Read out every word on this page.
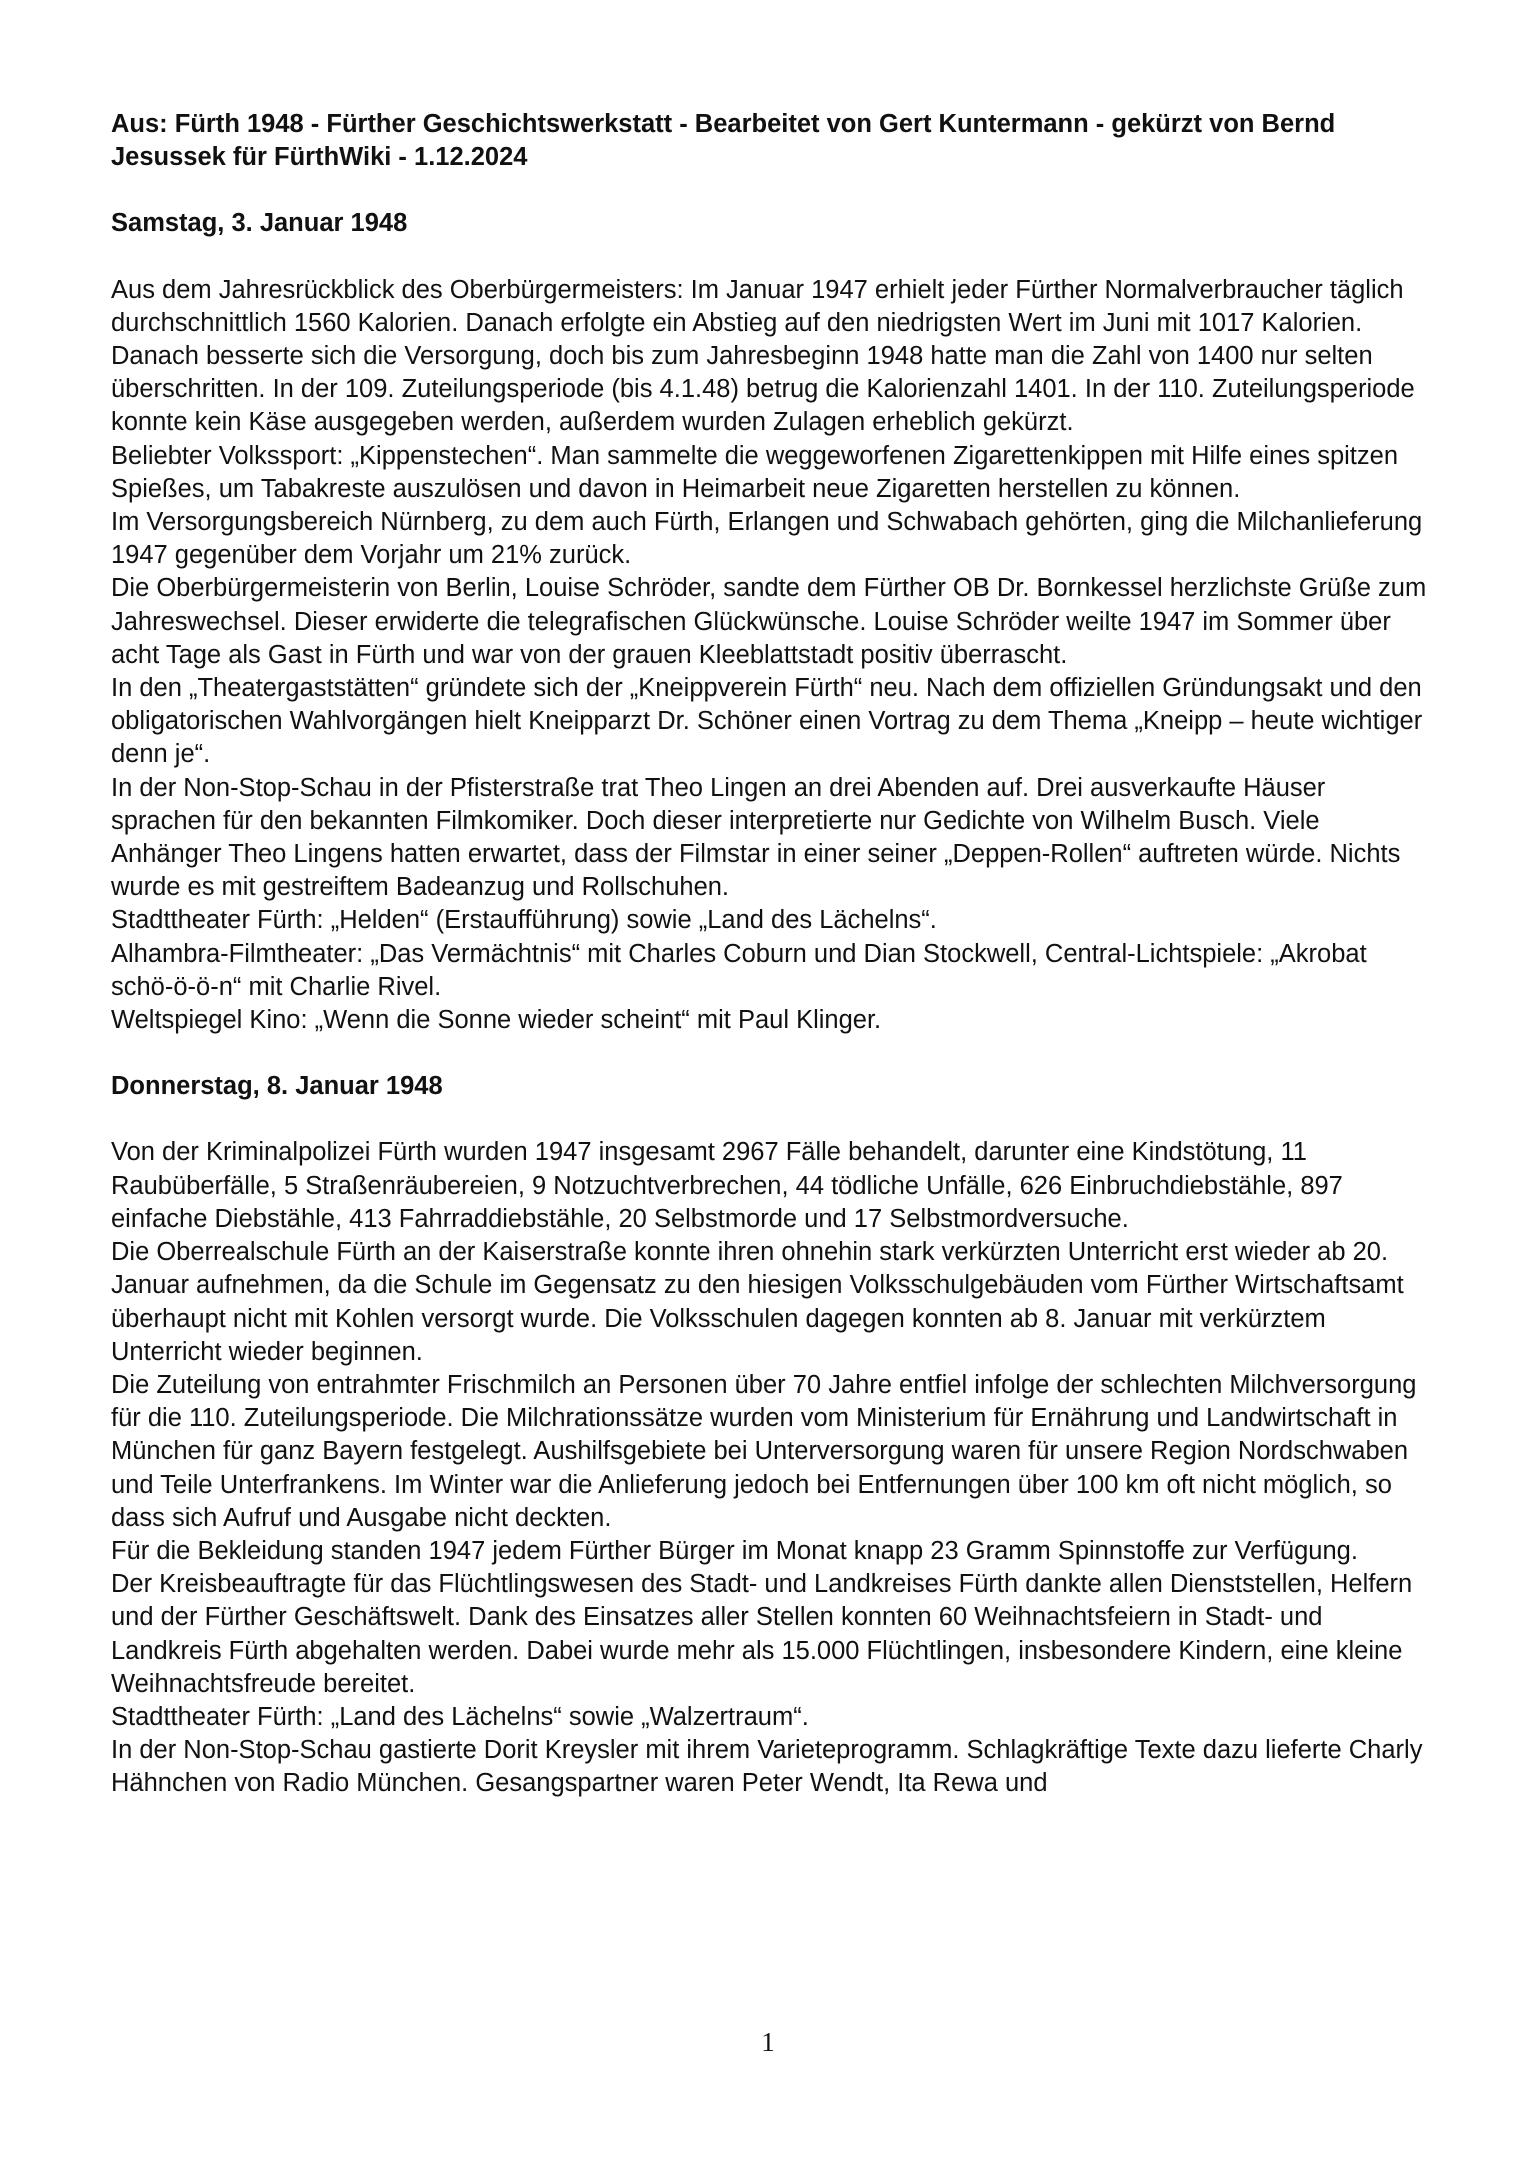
Aus: Fürth 1948 - Fürther Geschichtswerkstatt - Bearbeitet von Gert Kuntermann - gekürzt von Bernd Jesussek für FürthWiki - 1.12.2024

Samstag, 3. Januar 1948

Aus dem Jahresrückblick des Oberbürgermeisters: Im Januar 1947 erhielt jeder Fürther Normalverbraucher täglich durchschnittlich 1560 Kalorien. Danach erfolgte ein Abstieg auf den niedrigsten Wert im Juni mit 1017 Kalorien. Danach besserte sich die Versorgung, doch bis zum Jahresbeginn 1948 hatte man die Zahl von 1400 nur selten überschritten. In der 109. Zuteilungsperiode (bis 4.1.48) betrug die Kalorienzahl 1401. In der 110. Zuteilungsperiode konnte kein Käse ausgegeben werden, außerdem wurden Zulagen erheblich gekürzt.

Beliebter Volkssport: „Kippenstechen“. Man sammelte die weggeworfenen Zigarettenkippen mit Hilfe eines spitzen Spießes, um Tabakreste auszulösen und davon in Heimarbeit neue Zigaretten herstellen zu können.

Im Versorgungsbereich Nürnberg, zu dem auch Fürth, Erlangen und Schwabach gehörten, ging die Milchanlieferung 1947 gegenüber dem Vorjahr um 21% zurück.

Die Oberbürgermeisterin von Berlin, Louise Schröder, sandte dem Fürther OB Dr. Bornkessel herzlichste Grüße zum Jahreswechsel. Dieser erwiderte die telegrafischen Glückwünsche. Louise Schröder weilte 1947 im Sommer über acht Tage als Gast in Fürth und war von der grauen Kleeblattstadt positiv überrascht.

In den „Theatergaststätten“ gründete sich der „Kneippverein Fürth“ neu. Nach dem offiziellen Gründungsakt und den obligatorischen Wahlvorgängen hielt Kneipparzt Dr. Schöner einen Vortrag zu dem Thema „Kneipp – heute wichtiger denn je“.

In der Non-Stop-Schau in der Pfisterstraße trat Theo Lingen an drei Abenden auf. Drei ausverkaufte Häuser sprachen für den bekannten Filmkomiker. Doch dieser interpretierte nur Gedichte von Wilhelm Busch. Viele Anhänger Theo Lingens hatten erwartet, dass der Filmstar in einer seiner „Deppen-Rollen“ auftreten würde. Nichts wurde es mit gestreiftem Badeanzug und Rollschuhen.

Stadttheater Fürth: „Helden“ (Erstaufführung) sowie „Land des Lächelns“.

Alhambra-Filmtheater: „Das Vermächtnis“ mit Charles Coburn und Dian Stockwell, Central-Lichtspiele: „Akrobat schö-ö-ö-n“ mit Charlie Rivel.

Weltspiegel Kino: „Wenn die Sonne wieder scheint“ mit Paul Klinger.

Donnerstag, 8. Januar 1948

Von der Kriminalpolizei Fürth wurden 1947 insgesamt 2967 Fälle behandelt, darunter eine Kindstötung, 11 Raubüberfälle, 5 Straßenräubereien, 9 Notzuchtverbrechen, 44 tödliche Unfälle, 626 Einbruchdiebstähle, 897 einfache Diebstähle, 413 Fahrraddiebstähle, 20 Selbstmorde und 17 Selbstmordversuche.

Die Oberrealschule Fürth an der Kaiserstraße konnte ihren ohnehin stark verkürzten Unterricht erst wieder ab 20. Januar aufnehmen, da die Schule im Gegensatz zu den hiesigen Volksschulgebäuden vom Fürther Wirtschaftsamt überhaupt nicht mit Kohlen versorgt wurde. Die Volksschulen dagegen konnten ab 8. Januar mit verkürztem Unterricht wieder beginnen.

Die Zuteilung von entrahmter Frischmilch an Personen über 70 Jahre entfiel infolge der schlechten Milchversorgung für die 110. Zuteilungsperiode. Die Milchrationssätze wurden vom Ministerium für Ernährung und Landwirtschaft in München für ganz Bayern festgelegt. Aushilfsgebiete bei Unterversorgung waren für unsere Region Nordschwaben und Teile Unterfrankens. Im Winter war die Anlieferung jedoch bei Entfernungen über 100 km oft nicht möglich, so dass sich Aufruf und Ausgabe nicht deckten.

Für die Bekleidung standen 1947 jedem Fürther Bürger im Monat knapp 23 Gramm Spinnstoffe zur Verfügung.

Der Kreisbeauftragte für das Flüchtlingswesen des Stadt- und Landkreises Fürth dankte allen Dienststellen, Helfern und der Fürther Geschäftswelt. Dank des Einsatzes aller Stellen konnten 60 Weihnachtsfeiern in Stadt- und Landkreis Fürth abgehalten werden. Dabei wurde mehr als 15.000 Flüchtlingen, insbesondere Kindern, eine kleine Weihnachtsfreude bereitet.

Stadttheater Fürth: „Land des Lächelns“ sowie „Walzertraum“.

In der Non-Stop-Schau gastierte Dorit Kreysler mit ihrem Varieteprogramm. Schlagkräftige Texte dazu lieferte Charly Hähnchen von Radio München. Gesangspartner waren Peter Wendt, Ita Rewa und

1
